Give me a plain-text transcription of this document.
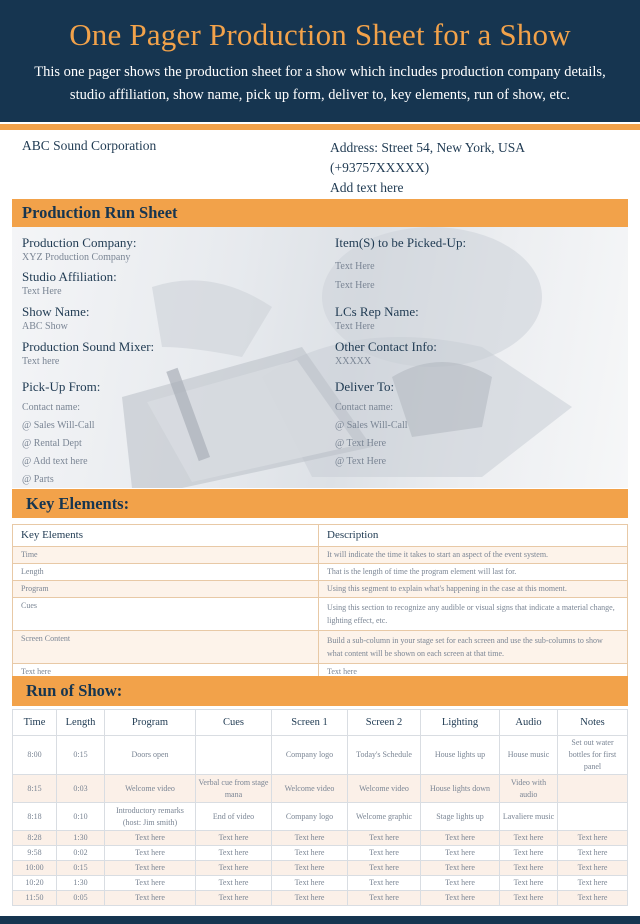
One Pager Production Sheet for a Show

This one pager shows the production sheet for a show which includes production company details, studio affiliation, show name, pick up form, deliver to, key elements, run of show, etc.

ABC Sound Corporation	Address: Street 54, New York, USA
(+93757XXXXX)
Add text here
Production Run Sheet
Production Company:
XYZ Production Company
Studio Affiliation:
Text Here
Show Name:
ABC Show
Production Sound Mixer:
Text here
Pick-Up From:
Contact name:
@ Sales Will-Call
@ Rental Dept
@ Add text here
@ Parts
Item(S) to be Picked-Up:
Text Here
Text Here
LCs Rep Name:
Text Here
Other Contact Info:
XXXXX
Deliver To:
Contact name:
@ Sales Will-Call
@ Text Here
@ Text Here
Key Elements:
Key Elements	Description
Time	It will indicate the time it takes to start an aspect of the event system.
Length	That is the length of time the program element will last for.
Program	Using this segment to explain what's happening in the case at this moment.
Cues	Using this section to recognize any audible or visual signs that indicate a material change, lighting effect, etc.
Screen Content	Build a sub-column in your stage set for each screen and use the sub-columns to show what content will be shown on each screen at that time.
Text here	Text here
Run of Show:
Time	Length	Program	Cues	Screen 1	Screen 2	Lighting	Audio	Notes
8:00	0:15	Doors open		Company logo	Today's Schedule	House lights up	House music	Set out water bottles for first panel
8:15	0:03	Welcome video	Verbal cue from stage mana	Welcome video	Welcome video	House lights down	Video with audio	
8:18	0:10	Introductory remarks (host: Jim smith)	End of video	Company logo	Welcome graphic	Stage lights up	Lavaliere music	
8:28	1:30	Text here	Text here	Text here	Text here	Text here	Text here	Text here
9:58	0:02	Text here	Text here	Text here	Text here	Text here	Text here	Text here
10:00	0:15	Text here	Text here	Text here	Text here	Text here	Text here	Text here
10:20	1:30	Text here	Text here	Text here	Text here	Text here	Text here	Text here
11:50	0:05	Text here	Text here	Text here	Text here	Text here	Text here	Text here
